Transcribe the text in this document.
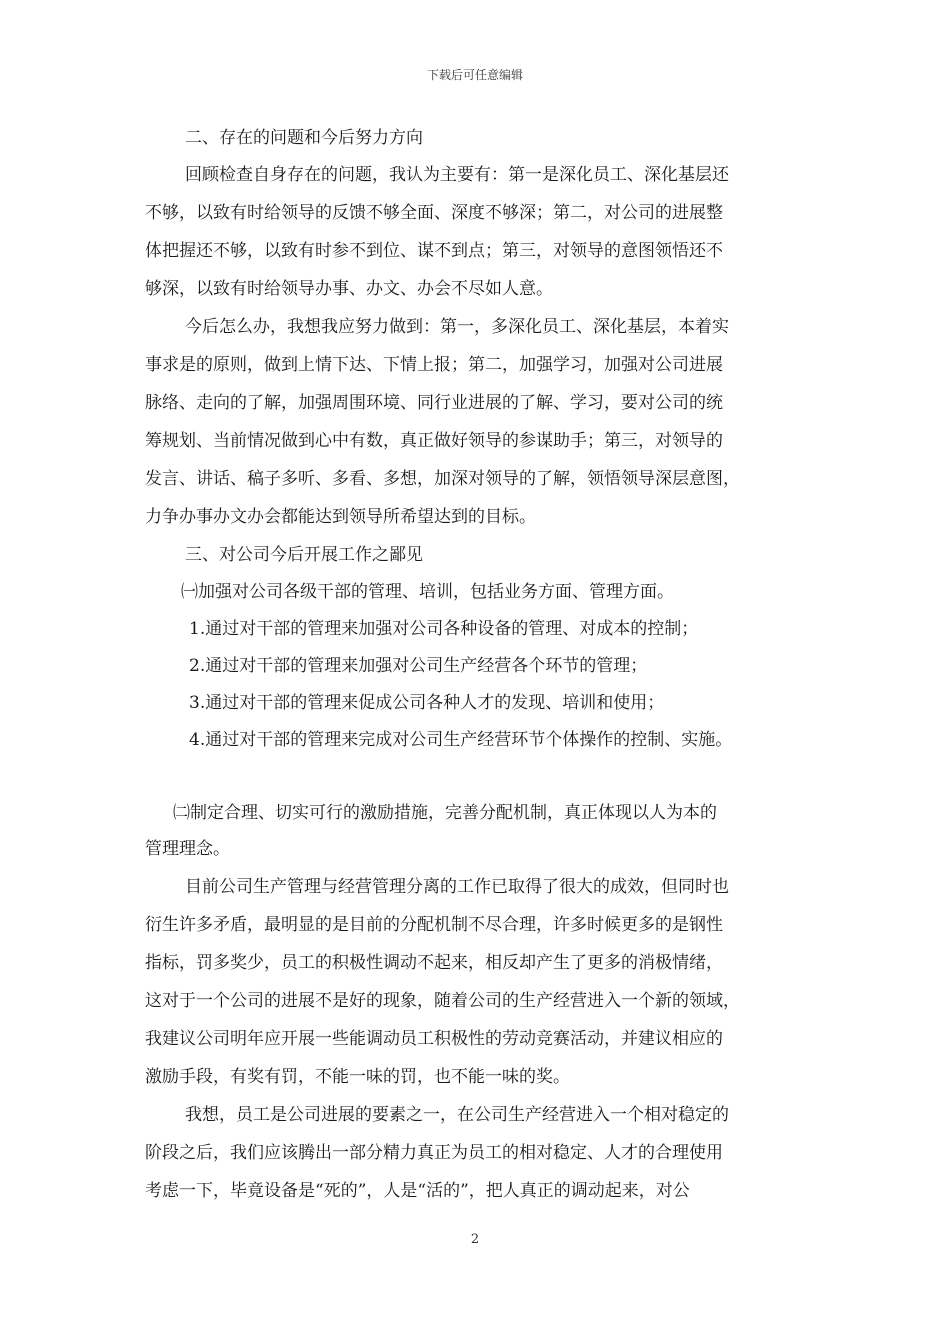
下载后可任意编辑
二、存在的问题和今后努力方向
回顾检查自身存在的问题，我认为主要有：第一是深化员工、深化基层还
不够，以致有时给领导的反馈不够全面、深度不够深；第二，对公司的进展整
体把握还不够，以致有时参不到位、谋不到点；第三，对领导的意图领悟还不
够深，以致有时给领导办事、办文、办会不尽如人意。
今后怎么办，我想我应努力做到：第一，多深化员工、深化基层，本着实
事求是的原则，做到上情下达、下情上报；第二，加强学习，加强对公司进展
脉络、走向的了解，加强周围环境、同行业进展的了解、学习，要对公司的统
筹规划、当前情况做到心中有数，真正做好领导的参谋助手；第三，对领导的
发言、讲话、稿子多听、多看、多想，加深对领导的了解，领悟领导深层意图，
力争办事办文办会都能达到领导所希望达到的目标。
三、对公司今后开展工作之鄙见
㈠加强对公司各级干部的管理、培训，包括业务方面、管理方面。
1.通过对干部的管理来加强对公司各种设备的管理、对成本的控制；
2.通过对干部的管理来加强对公司生产经营各个环节的管理；
3.通过对干部的管理来促成公司各种人才的发现、培训和使用；
4.通过对干部的管理来完成对公司生产经营环节个体操作的控制、实施。
㈡制定合理、切实可行的激励措施，完善分配机制，真正体现以人为本的
管理理念。
目前公司生产管理与经营管理分离的工作已取得了很大的成效，但同时也
衍生许多矛盾，最明显的是目前的分配机制不尽合理，许多时候更多的是钢性
指标，罚多奖少，员工的积极性调动不起来，相反却产生了更多的消极情绪，
这对于一个公司的进展不是好的现象，随着公司的生产经营进入一个新的领域，
我建议公司明年应开展一些能调动员工积极性的劳动竞赛活动，并建议相应的
激励手段，有奖有罚，不能一味的罚，也不能一味的奖。
我想，员工是公司进展的要素之一，在公司生产经营进入一个相对稳定的
阶段之后，我们应该腾出一部分精力真正为员工的相对稳定、人才的合理使用
考虑一下，毕竟设备是“死的”，人是“活的”，把人真正的调动起来，对公
2
